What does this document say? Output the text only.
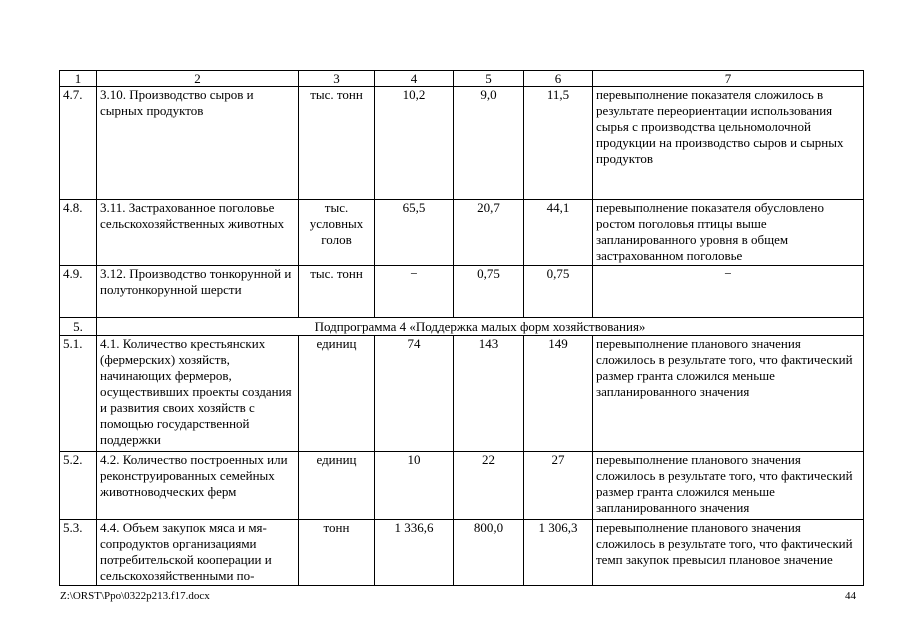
1	2	3	4	5	6	7
4.7.	3.10. Производство сыров и сырных продуктов	тыс. тонн	10,2	9,0	11,5	перевыполнение показателя сложилось в результате переориентации использования сырья с производства цельномолочной продукции на производство сыров и сырных продуктов
4.8.	3.11. Застрахованное поголовье сельскохозяйственных животных	тыс. условных голов	65,5	20,7	44,1	перевыполнение показателя обусловлено ростом поголовья птицы выше запланированного уровня в общем застрахованном поголовье
4.9.	3.12. Производство тонкорунной и полутонкорунной шерсти	тыс. тонн	−	0,75	0,75	−
5.	Подпрограмма 4 «Поддержка малых форм хозяйствования»					
5.1.	4.1. Количество крестьянских (фермерских) хозяйств, начинающих фермеров, осуществивших проекты создания и развития своих хозяйств с помощью государственной поддержки	единиц	74	143	149	перевыполнение планового значения сложилось в результате того, что фактический размер гранта сложился меньше запланированного значения
5.2.	4.2. Количество построенных или реконструированных семейных животноводческих ферм	единиц	10	22	27	перевыполнение планового значения сложилось в результате того, что фактический размер гранта сложился меньше запланированного значения
5.3.	4.4. Объем закупок мяса и мя-сопродуктов организациями потребительской кооперации и сельскохозяйственными по-	тонн	1 336,6	800,0	1 306,3	перевыполнение планового значения сложилось в результате того, что фактический темп закупок превысил плановое значение
Z:\ORST\Ppo\0322p213.f17.docx	44
